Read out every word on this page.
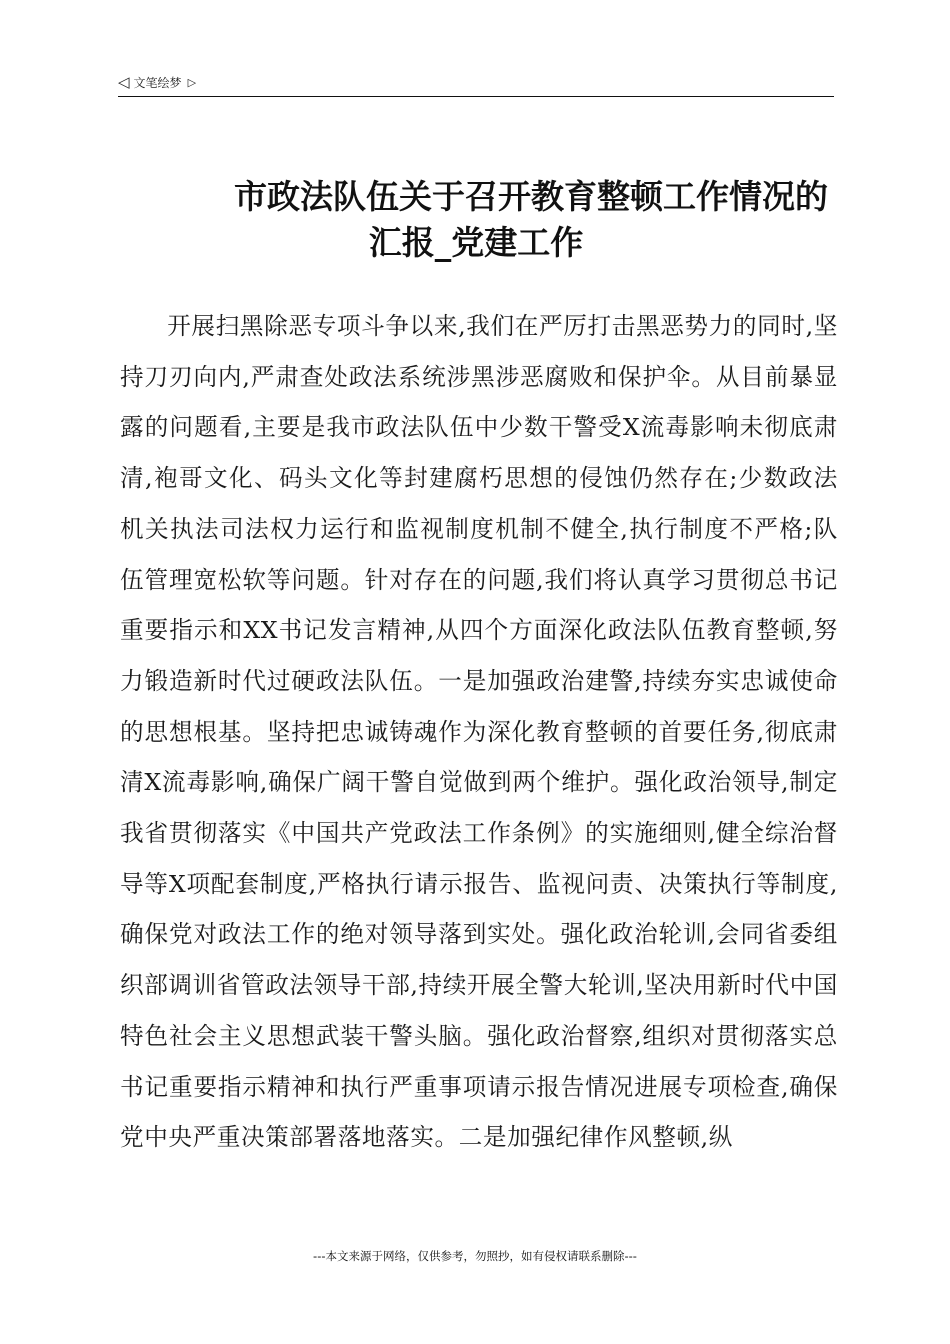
◁ 文笔绘梦 ▷
市政法队伍关于召开教育整顿工作情况的
汇报_党建工作

开展扫黑除恶专项斗争以来,我们在严厉打击黑恶势力的同时,坚持刀刃向内,严肃查处政法系统涉黑涉恶腐败和保护伞。从目前暴显露的问题看,主要是我市政法队伍中少数干警受X流毒影响未彻底肃清,袍哥文化、码头文化等封建腐朽思想的侵蚀仍然存在;少数政法机关执法司法权力运行和监视制度机制不健全,执行制度不严格;队伍管理宽松软等问题。针对存在的问题,我们将认真学习贯彻总书记重要指示和XX书记发言精神,从四个方面深化政法队伍教育整顿,努力锻造新时代过硬政法队伍。一是加强政治建警,持续夯实忠诚使命的思想根基。坚持把忠诚铸魂作为深化教育整顿的首要任务,彻底肃清X流毒影响,确保广阔干警自觉做到两个维护。强化政治领导,制定我省贯彻落实《中国共产党政法工作条例》的实施细则,健全综治督导等X项配套制度,严格执行请示报告、监视问责、决策执行等制度,确保党对政法工作的绝对领导落到实处。强化政治轮训,会同省委组织部调训省管政法领导干部,持续开展全警大轮训,坚决用新时代中国特色社会主义思想武装干警头脑。强化政治督察,组织对贯彻落实总书记重要指示精神和执行严重事项请示报告情况进展专项检查,确保党中央严重决策部署落地落实。二是加强纪律作风整顿,纵

---本文来源于网络，仅供参考，勿照抄，如有侵权请联系删除---
